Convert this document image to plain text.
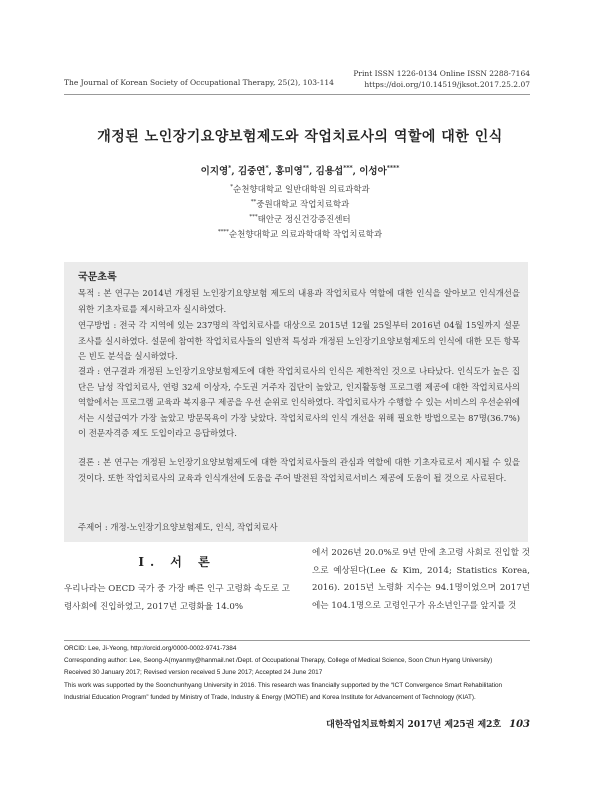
The Journal of Korean Society of Occupational Therapy, 25(2), 103-114
Print ISSN 1226-0134 Online ISSN 2288-7164
https://doi.org/10.14519/jksot.2017.25.2.07
개정된 노인장기요양보험제도와 작업치료사의 역할에 대한 인식
이지영*, 김중연*, 홍미영**, 김용섭***, 이성아****
*순천향대학교 일반대학원 의료과학과
**중원대학교 작업치료학과
***태안군 정신건강증진센터
****순천향대학교 의료과학대학 작업치료학과
국문초록
목적 : 본 연구는 2014년 개정된 노인장기요양보험 제도의 내용과 작업치료사 역할에 대한 인식을 알아보고 인식개선을 위한 기초자료를 제시하고자 실시하였다.
연구방법 : 전국 각 지역에 있는 237명의 작업치료사를 대상으로 2015년 12월 25일부터 2016년 04월 15일까지 설문조사를 실시하였다. 설문에 참여한 작업치료사들의 일반적 특성과 개정된 노인장기요양보험제도의 인식에 대한 모든 항목은 빈도 분석을 실시하였다.
결과 : 연구결과 개정된 노인장기요양보험제도에 대한 작업치료사의 인식은 제한적인 것으로 나타났다. 인식도가 높은 집단은 남성 작업치료사, 연령 32세 이상자, 수도권 거주자 집단이 높았고, 인지활동형 프로그램 제공에 대한 작업치료사의 역할에서는 프로그램 교육과 복지용구 제공을 우선 순위로 인식하였다. 작업치료사가 수행할 수 있는 서비스의 우선순위에서는 시설급여가 가장 높았고 방문목욕이 가장 낮았다. 작업치료사의 인식 개선을 위해 필요한 방법으로는 87명(36.7%)이 전문자격증 제도 도입이라고 응답하였다.
결론 : 본 연구는 개정된 노인장기요양보험제도에 대한 작업치료사들의 관심과 역할에 대한 기초자료로서 제시될 수 있을 것이다. 또한 작업치료사의 교육과 인식개선에 도움을 주어 발전된 작업치료서비스 제공에 도움이 될 것으로 사료된다.
주제어 : 개정-노인장기요양보험제도, 인식, 작업치료사
Ⅰ. 서 론
우리나라는 OECD 국가 중 가장 빠른 인구 고령화 속도로 고령사회에 진입하였고, 2017년 고령화율 14.0%
에서 2026년 20.0%로 9년 만에 초고령 사회로 진입할 것으로 예상된다(Lee & Kim, 2014; Statistics Korea, 2016). 2015년 노령화 지수는 94.1명이었으며 2017년에는 104.1명으로 고령인구가 유소년인구를 앞지를 것
ORCID: Lee, Ji-Yeong, http://orcid.org/0000-0002-9741-7384
Corresponding author: Lee, Seong-A(myanmy@hanmail.net /Dept. of Occupational Therapy, College of Medical Science, Soon Chun Hyang University)
Received 30 January 2017; Revised version received 5 June 2017; Accepted 24 June 2017
This work was supported by the Soonchunhyang University in 2016. This research was financially supported by the “ICT Convergence Smart Rehabilitation
Industrial Education Program” funded by Ministry of Trade, Industry & Energy (MOTIE) and Korea Institute for Advancement of Technology (KIAT).
대한작업치료학회지 2017년 제25권 제2호 103
